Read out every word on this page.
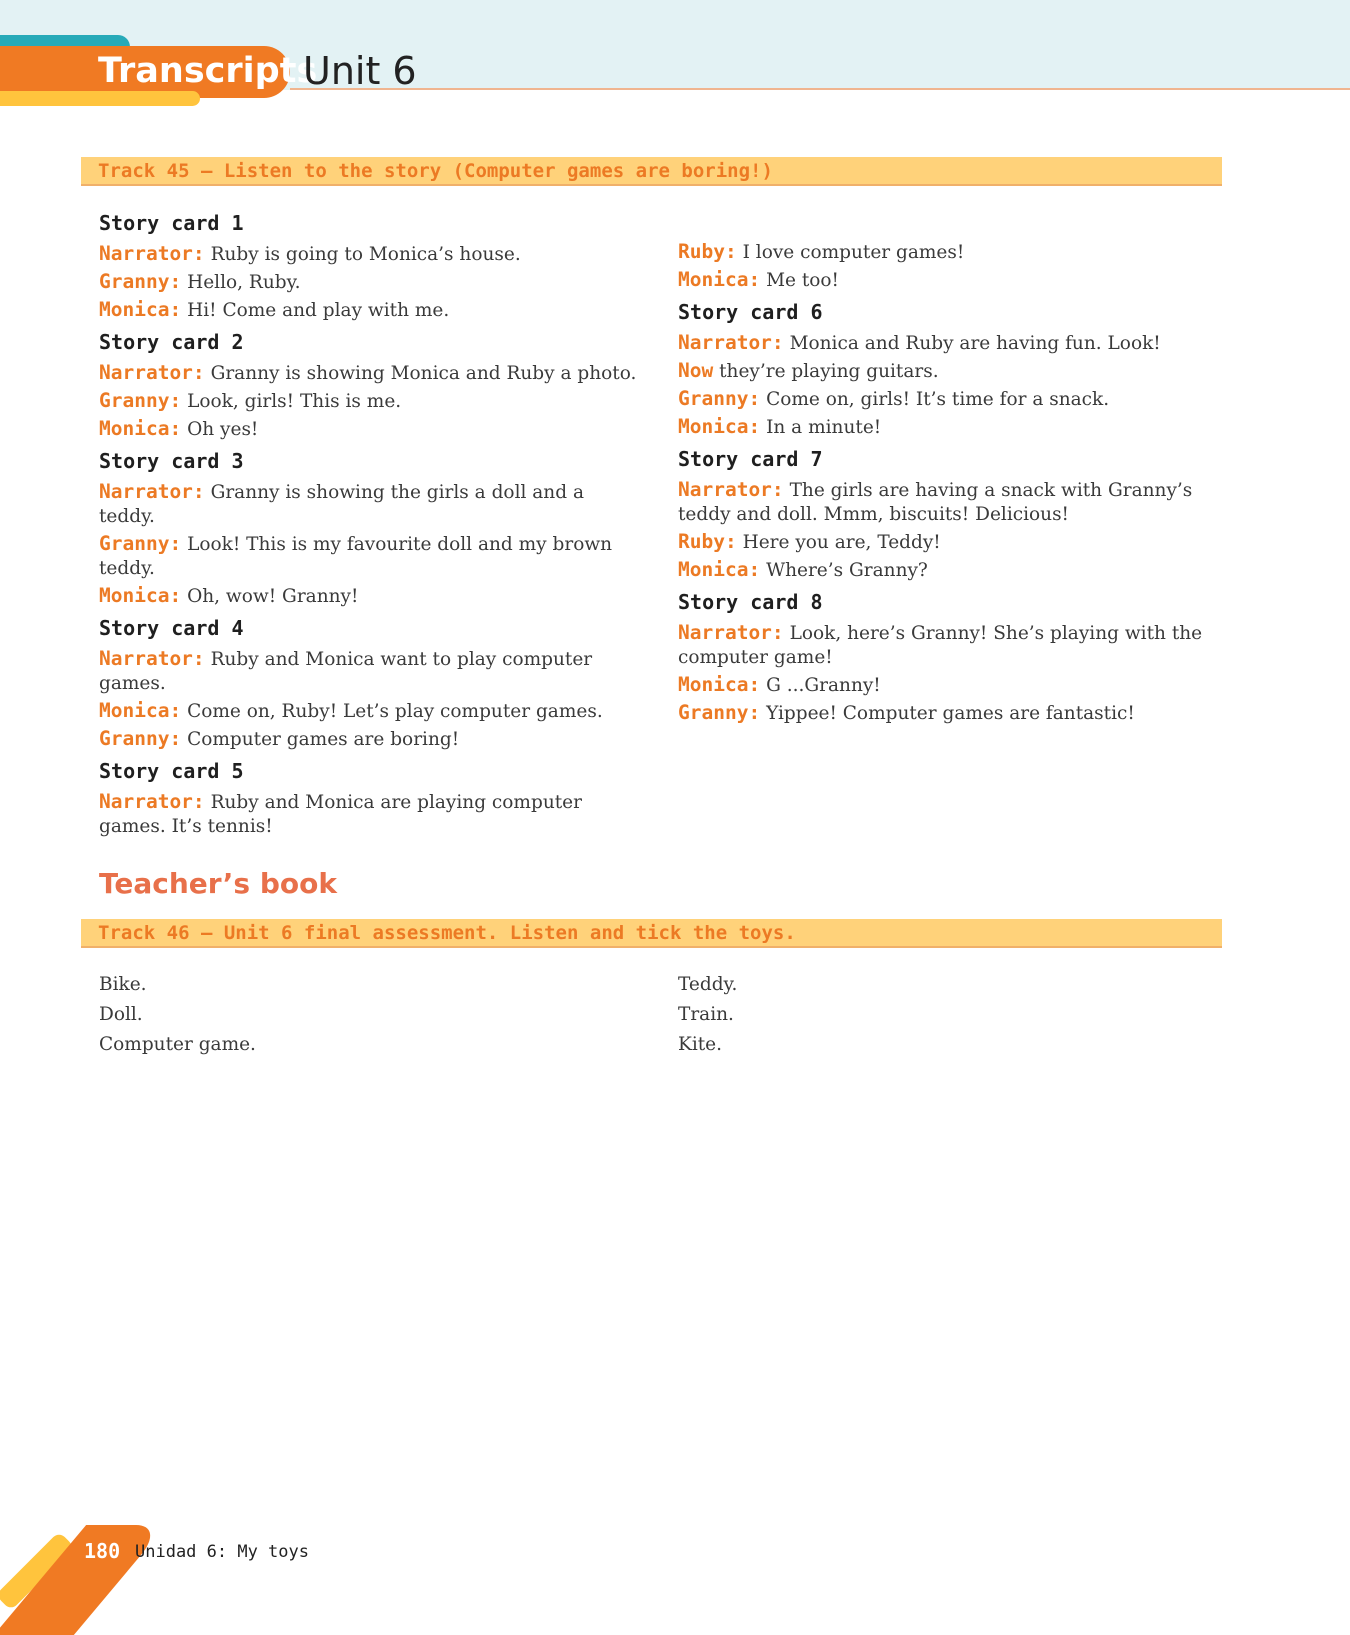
Transcripts
Unit 6
Track 45 – Listen to the story (Computer games are boring!)
Story card 1
Narrator: Ruby is going to Monica’s house.
Granny: Hello, Ruby.
Monica: Hi! Come and play with me.
Story card 2
Narrator: Granny is showing Monica and Ruby a photo.
Granny: Look, girls! This is me.
Monica: Oh yes!
Story card 3
Narrator: Granny is showing the girls a doll and a teddy.
Granny: Look! This is my favourite doll and my brown teddy.
Monica: Oh, wow! Granny!
Story card 4
Narrator: Ruby and Monica want to play computer games.
Monica: Come on, Ruby! Let’s play computer games.
Granny: Computer games are boring!
Story card 5
Narrator: Ruby and Monica are playing computer games. It’s tennis!
Ruby: I love computer games!
Monica: Me too!
Story card 6
Narrator: Monica and Ruby are having fun. Look!
Now they’re playing guitars.
Granny: Come on, girls! It’s time for a snack.
Monica: In a minute!
Story card 7
Narrator: The girls are having a snack with Granny’s teddy and doll. Mmm, biscuits! Delicious!
Ruby: Here you are, Teddy!
Monica: Where’s Granny?
Story card 8
Narrator: Look, here’s Granny! She’s playing with the computer game!
Monica: G ...Granny!
Granny: Yippee! Computer games are fantastic!
Teacher’s book
Track 46 – Unit 6 final assessment. Listen and tick the toys.
Bike.
Doll.
Computer game.
Teddy.
Train.
Kite.
180 Unidad 6: My toys
